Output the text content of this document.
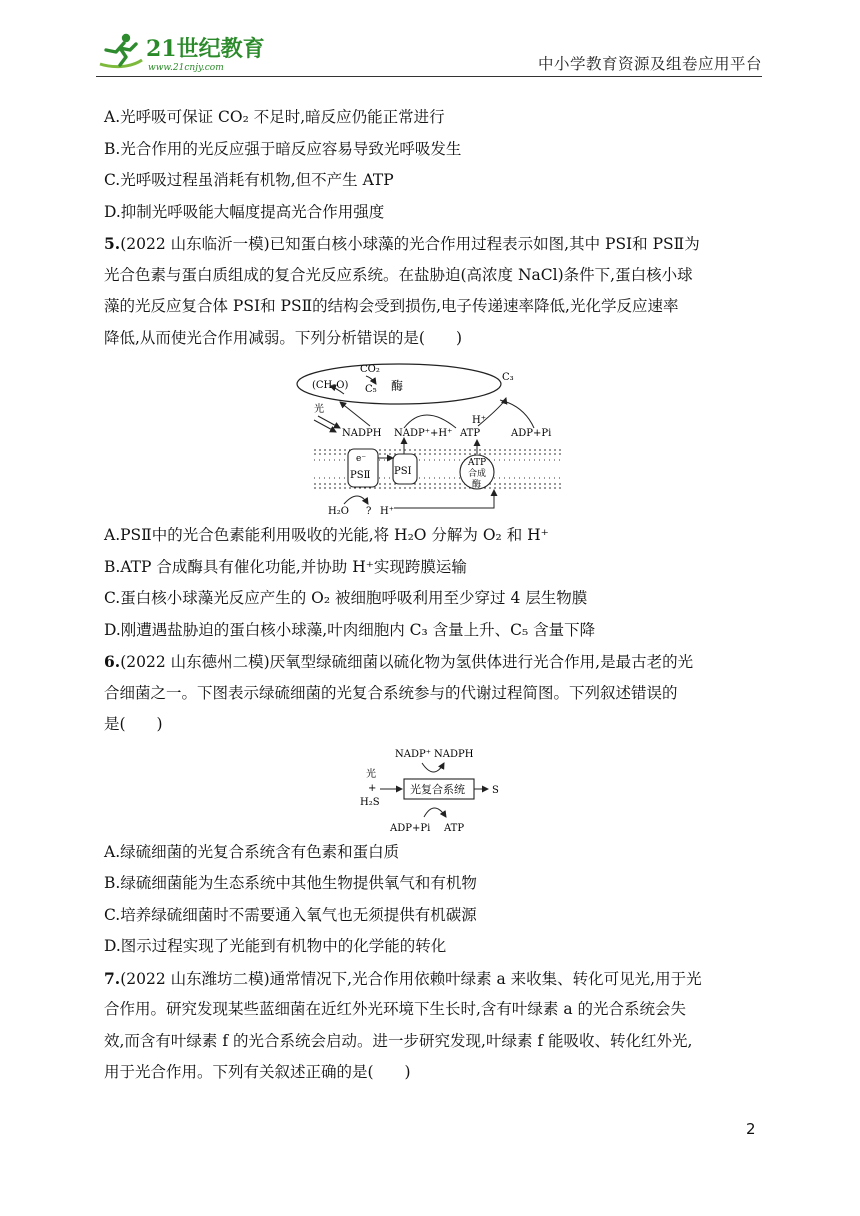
21世纪教育
www.21cnjy.com	中小学教育资源及组卷应用平台
A.光呼吸可保证 CO₂ 不足时,暗反应仍能正常进行
B.光合作用的光反应强于暗反应容易导致光呼吸发生
C.光呼吸过程虽消耗有机物,但不产生 ATP
D.抑制光呼吸能大幅度提高光合作用强度
5.(2022 山东临沂一模)已知蛋白核小球藻的光合作用过程表示如图,其中 PSⅠ和 PSⅡ为
光合色素与蛋白质组成的复合光反应系统。在盐胁迫(高浓度 NaCl)条件下,蛋白核小球
藻的光反应复合体 PSⅠ和 PSⅡ的结构会受到损伤,电子传递速率降低,光化学反应速率
降低,从而使光合作用减弱。下列分析错误的是(　　)
酶
CO₂
(CH₂O) C₅
C₃
光
NADPH NADP⁺+H⁺ ATP
H⁺
ADP+Pi
e⁻
PSⅡ PSⅠ
ATP
合成
酶
H₂O ? H⁺
A.PSⅡ中的光合色素能利用吸收的光能,将 H₂O 分解为 O₂ 和 H⁺
B.ATP 合成酶具有催化功能,并协助 H⁺实现跨膜运输
C.蛋白核小球藻光反应产生的 O₂ 被细胞呼吸利用至少穿过 4 层生物膜
D.刚遭遇盐胁迫的蛋白核小球藻,叶肉细胞内 C₃ 含量上升、C₅ 含量下降
6.(2022 山东德州二模)厌氧型绿硫细菌以硫化物为氢供体进行光合作用,是最古老的光
合细菌之一。下图表示绿硫细菌的光复合系统参与的代谢过程简图。下列叙述错误的
是(　　)
NADP⁺ NADPH
光
+
H₂S
光复合系统	S
ADP+Pi ATP
A.绿硫细菌的光复合系统含有色素和蛋白质
B.绿硫细菌能为生态系统中其他生物提供氧气和有机物
C.培养绿硫细菌时不需要通入氧气也无须提供有机碳源
D.图示过程实现了光能到有机物中的化学能的转化
7.(2022 山东潍坊二模)通常情况下,光合作用依赖叶绿素 a 来收集、转化可见光,用于光
合作用。研究发现某些蓝细菌在近红外光环境下生长时,含有叶绿素 a 的光合系统会失
效,而含有叶绿素 f 的光合系统会启动。进一步研究发现,叶绿素 f 能吸收、转化红外光,
用于光合作用。下列有关叙述正确的是(　　)
2
